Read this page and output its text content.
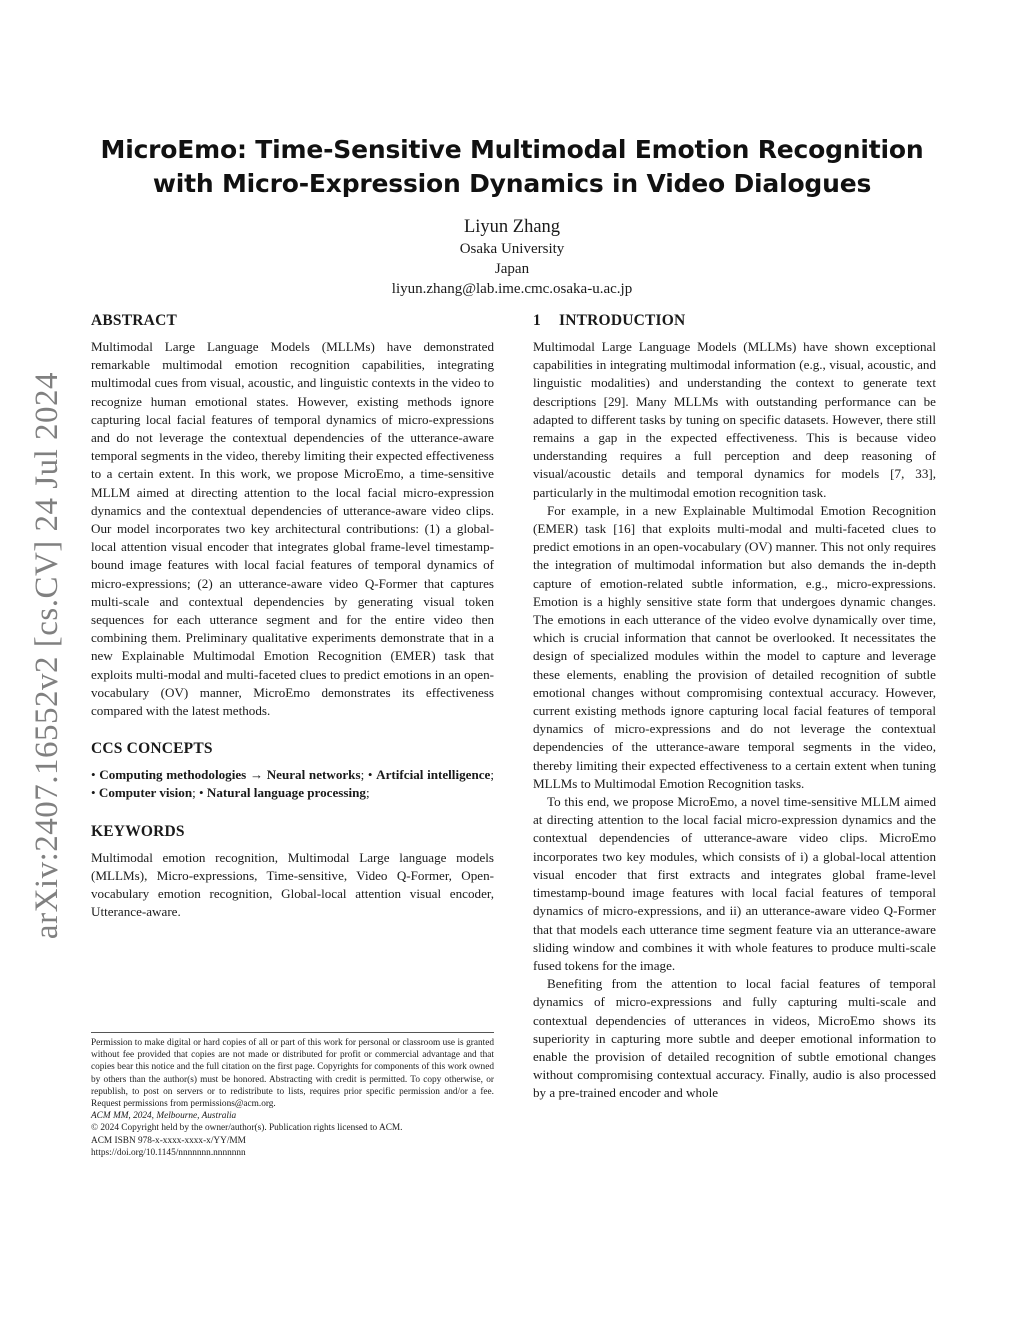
arXiv:2407.16552v2 [cs.CV] 24 Jul 2024
MicroEmo: Time-Sensitive Multimodal Emotion Recognition with Micro-Expression Dynamics in Video Dialogues
Liyun Zhang
Osaka University
Japan
liyun.zhang@lab.ime.cmc.osaka-u.ac.jp
ABSTRACT

Multimodal Large Language Models (MLLMs) have demonstrated remarkable multimodal emotion recognition capabilities, integrating multimodal cues from visual, acoustic, and linguistic contexts in the video to recognize human emotional states. However, existing methods ignore capturing local facial features of temporal dynamics of micro-expressions and do not leverage the contextual dependencies of the utterance-aware temporal segments in the video, thereby limiting their expected effectiveness to a certain extent. In this work, we propose MicroEmo, a time-sensitive MLLM aimed at directing attention to the local facial micro-expression dynamics and the contextual dependencies of utterance-aware video clips. Our model incorporates two key architectural contributions: (1) a global-local attention visual encoder that integrates global frame-level timestamp-bound image features with local facial features of temporal dynamics of micro-expressions; (2) an utterance-aware video Q-Former that captures multi-scale and contextual dependencies by generating visual token sequences for each utterance segment and for the entire video then combining them. Preliminary qualitative experiments demonstrate that in a new Explainable Multimodal Emotion Recognition (EMER) task that exploits multi-modal and multi-faceted clues to predict emotions in an open-vocabulary (OV) manner, MicroEmo demonstrates its effectiveness compared with the latest methods.

CCS CONCEPTS

• Computing methodologies → Neural networks; • Artifcial intelligence; • Computer vision; • Natural language processing;

KEYWORDS

Multimodal emotion recognition, Multimodal Large language models (MLLMs), Micro-expressions, Time-sensitive, Video Q-Former, Open-vocabulary emotion recognition, Global-local attention visual encoder, Utterance-aware.

Permission to make digital or hard copies of all or part of this work for personal or classroom use is granted without fee provided that copies are not made or distributed for profit or commercial advantage and that copies bear this notice and the full citation on the first page. Copyrights for components of this work owned by others than the author(s) must be honored. Abstracting with credit is permitted. To copy otherwise, or republish, to post on servers or to redistribute to lists, requires prior specific permission and/or a fee. Request permissions from permissions@acm.org.
ACM MM, 2024, Melbourne, Australia
© 2024 Copyright held by the owner/author(s). Publication rights licensed to ACM.
ACM ISBN 978-x-xxxx-xxxx-x/YY/MM
https://doi.org/10.1145/nnnnnnn.nnnnnnn
1 INTRODUCTION

Multimodal Large Language Models (MLLMs) have shown exceptional capabilities in integrating multimodal information (e.g., visual, acoustic, and linguistic modalities) and understanding the context to generate text descriptions [29]. Many MLLMs with outstanding performance can be adapted to different tasks by tuning on specific datasets. However, there still remains a gap in the expected effectiveness. This is because video understanding requires a full perception and deep reasoning of visual/acoustic details and temporal dynamics for models [7, 33], particularly in the multimodal emotion recognition task.

For example, in a new Explainable Multimodal Emotion Recognition (EMER) task [16] that exploits multi-modal and multi-faceted clues to predict emotions in an open-vocabulary (OV) manner. This not only requires the integration of multimodal information but also demands the in-depth capture of emotion-related subtle information, e.g., micro-expressions. Emotion is a highly sensitive state form that undergoes dynamic changes. The emotions in each utterance of the video evolve dynamically over time, which is crucial information that cannot be overlooked. It necessitates the design of specialized modules within the model to capture and leverage these elements, enabling the provision of detailed recognition of subtle emotional changes without compromising contextual accuracy. However, current existing methods ignore capturing local facial features of temporal dynamics of micro-expressions and do not leverage the contextual dependencies of the utterance-aware temporal segments in the video, thereby limiting their expected effectiveness to a certain extent when tuning MLLMs to Multimodal Emotion Recognition tasks.

To this end, we propose MicroEmo, a novel time-sensitive MLLM aimed at directing attention to the local facial micro-expression dynamics and the contextual dependencies of utterance-aware video clips. MicroEmo incorporates two key modules, which consists of i) a global-local attention visual encoder that first extracts and integrates global frame-level timestamp-bound image features with local facial features of temporal dynamics of micro-expressions, and ii) an utterance-aware video Q-Former that that models each utterance time segment feature via an utterance-aware sliding window and combines it with whole features to produce multi-scale fused tokens for the image.

Benefiting from the attention to local facial features of temporal dynamics of micro-expressions and fully capturing multi-scale and contextual dependencies of utterances in videos, MicroEmo shows its superiority in capturing more subtle and deeper emotional information to enable the provision of detailed recognition of subtle emotional changes without compromising contextual accuracy. Finally, audio is also processed by a pre-trained encoder and whole
